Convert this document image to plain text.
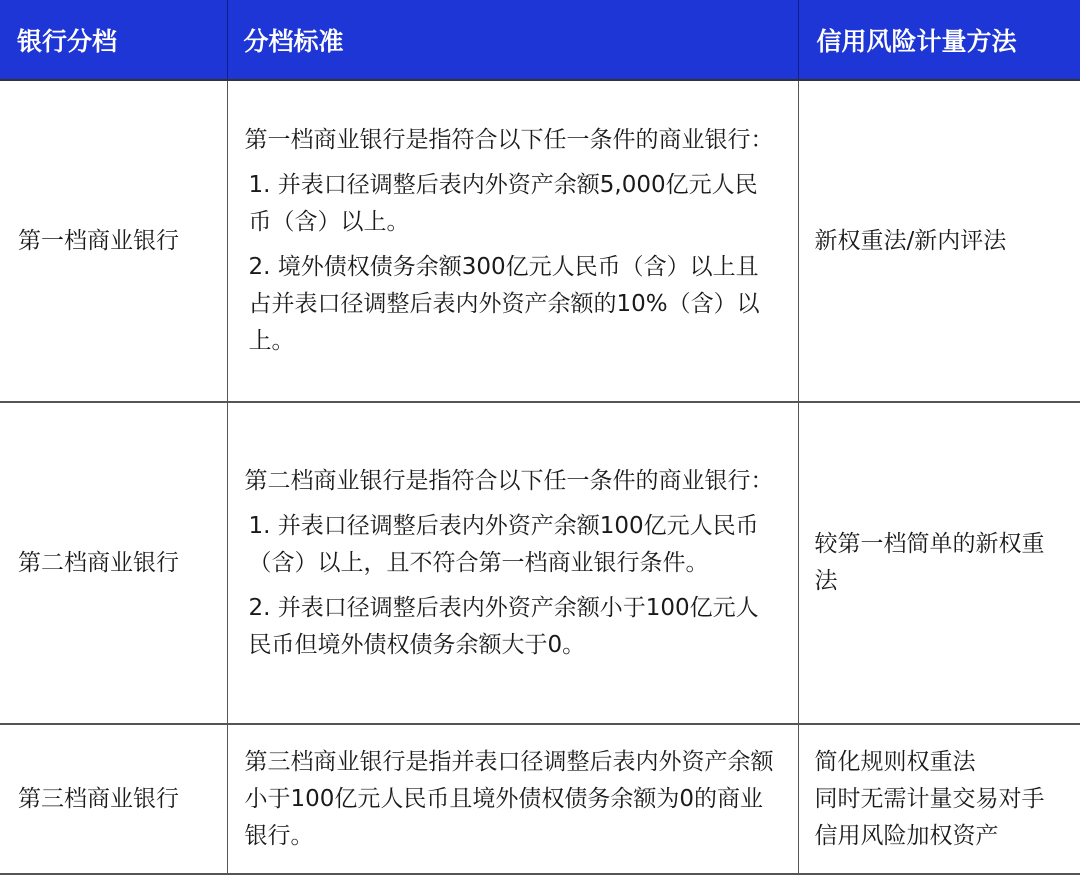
银行分档	分档标准	信用风险计量方法
第一档商业银行	第一档商业银行是指符合以下任一条件的商业银行：

1. 并表口径调整后表内外资产余额5,000亿元人民币（含）以上。

2. 境外债权债务余额300亿元人民币（含）以上且占并表口径调整后表内外资产余额的10%（含）以上。	新权重法/新内评法

第二档商业银行	第二档商业银行是指符合以下任一条件的商业银行：

1. 并表口径调整后表内外资产余额100亿元人民币（含）以上，且不符合第一档商业银行条件。

2. 并表口径调整后表内外资产余额小于100亿元人民币但境外债权债务余额大于0。	较第一档简单的新权重法

第三档商业银行	第三档商业银行是指并表口径调整后表内外资产余额小于100亿元人民币且境外债权债务余额为0的商业银行。	简化规则权重法
同时无需计量交易对手信用风险加权资产
